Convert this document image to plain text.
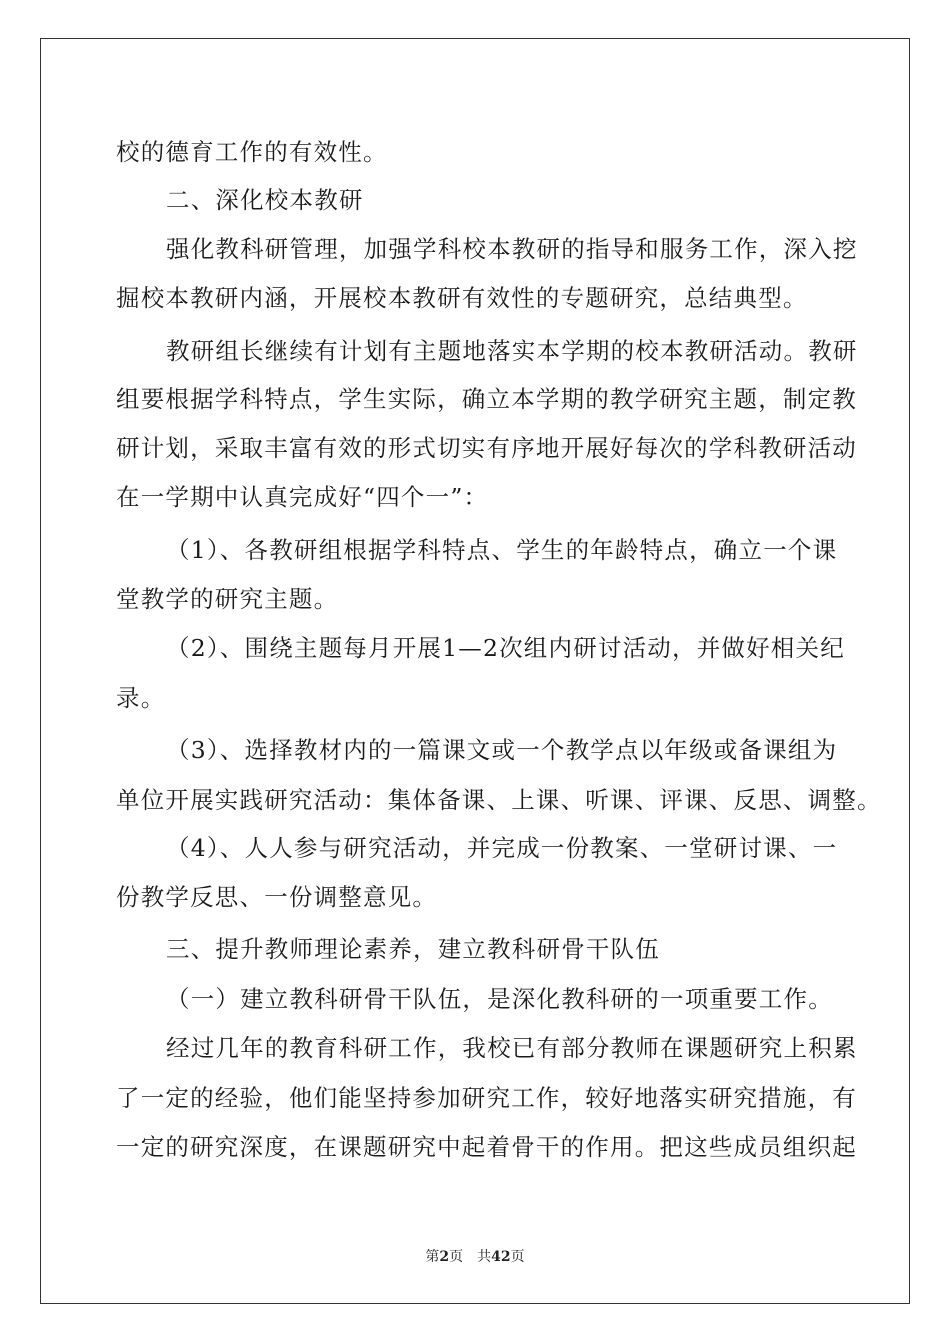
校的德育工作的有效性。
二、深化校本教研
强化教科研管理，加强学科校本教研的指导和服务工作，深入挖
掘校本教研内涵，开展校本教研有效性的专题研究，总结典型。
教研组长继续有计划有主题地落实本学期的校本教研活动。教研
组要根据学科特点，学生实际，确立本学期的教学研究主题，制定教
研计划，采取丰富有效的形式切实有序地开展好每次的学科教研活动
在一学期中认真完成好“四个一”：
（1）、各教研组根据学科特点、学生的年龄特点，确立一个课
堂教学的研究主题。
（2）、围绕主题每月开展1—2次组内研讨活动，并做好相关纪
录。
（3）、选择教材内的一篇课文或一个教学点以年级或备课组为
单位开展实践研究活动：集体备课、上课、听课、评课、反思、调整。
（4）、人人参与研究活动，并完成一份教案、一堂研讨课、一
份教学反思、一份调整意见。
三、提升教师理论素养，建立教科研骨干队伍
（一）建立教科研骨干队伍，是深化教科研的一项重要工作。
经过几年的教育科研工作，我校已有部分教师在课题研究上积累
了一定的经验，他们能坚持参加研究工作，较好地落实研究措施，有
一定的研究深度，在课题研究中起着骨干的作用。把这些成员组织起
第2页 共42页
